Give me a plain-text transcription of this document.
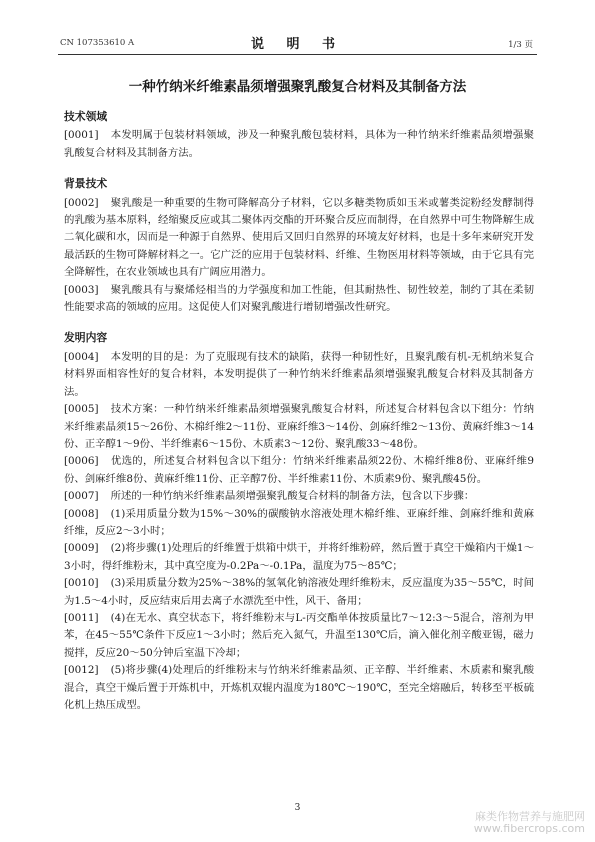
CN 107353610 A	说 明 书	1/3 页
一种竹纳米纤维素晶须增强聚乳酸复合材料及其制备方法
技术领域

[0001] 本发明属于包装材料领域，涉及一种聚乳酸包装材料，具体为一种竹纳米纤维素晶须增强聚乳酸复合材料及其制备方法。

背景技术

[0002] 聚乳酸是一种重要的生物可降解高分子材料，它以多糖类物质如玉米或薯类淀粉经发酵制得的乳酸为基本原料，经缩聚反应或其二聚体丙交酯的开环聚合反应而制得，在自然界中可生物降解生成二氧化碳和水，因而是一种源于自然界、使用后又回归自然界的环境友好材料，也是十多年来研究开发最活跃的生物可降解材料之一。它广泛的应用于包装材料、纤维、生物医用材料等领域，由于它具有完全降解性，在农业领域也具有广阔应用潜力。

[0003] 聚乳酸具有与聚烯烃相当的力学强度和加工性能，但其耐热性、韧性较差，制约了其在柔韧性能要求高的领域的应用。这促使人们对聚乳酸进行增韧增强改性研究。

发明内容

[0004] 本发明的目的是：为了克服现有技术的缺陷，获得一种韧性好，且聚乳酸有机-无机纳米复合材料界面相容性好的复合材料，本发明提供了一种竹纳米纤维素晶须增强聚乳酸复合材料及其制备方法。

[0005] 技术方案：一种竹纳米纤维素晶须增强聚乳酸复合材料，所述复合材料包含以下组分：竹纳米纤维素晶须15～26份、木棉纤维2～11份、亚麻纤维3～14份、剑麻纤维2～13份、黄麻纤维3～14份、正辛醇1～9份、半纤维素6～15份、木质素3～12份、聚乳酸33～48份。

[0006] 优选的，所述复合材料包含以下组分：竹纳米纤维素晶须22份、木棉纤维8份、亚麻纤维9份、剑麻纤维8份、黄麻纤维11份、正辛醇7份、半纤维素11份、木质素9份、聚乳酸45份。

[0007] 所述的一种竹纳米纤维素晶须增强聚乳酸复合材料的制备方法，包含以下步骤：

[0008] (1)采用质量分数为15%～30%的碳酸钠水溶液处理木棉纤维、亚麻纤维、剑麻纤维和黄麻纤维，反应2～3小时；

[0009] (2)将步骤(1)处理后的纤维置于烘箱中烘干，并将纤维粉碎，然后置于真空干燥箱内干燥1～3小时，得纤维粉末，其中真空度为-0.2Pa～-0.1Pa，温度为75～85℃；

[0010] (3)采用质量分数为25%～38%的氢氧化钠溶液处理纤维粉末，反应温度为35～55℃，时间为1.5～4小时，反应结束后用去离子水漂洗至中性，风干、备用；

[0011] (4)在无水、真空状态下，将纤维粉末与L-丙交酯单体按质量比7～12:3～5混合，溶剂为甲苯，在45～55℃条件下反应1～3小时；然后充入氮气，升温至130℃后，滴入催化剂辛酸亚锡，磁力搅拌，反应20～50分钟后室温下冷却；

[0012] (5)将步骤(4)处理后的纤维粉末与竹纳米纤维素晶须、正辛醇、半纤维素、木质素和聚乳酸混合，真空干燥后置于开炼机中，开炼机双辊内温度为180℃～190℃，至完全熔融后，转移至平板硫化机上热压成型。

3
麻类作物营养与施肥网
www.fibercrops.com
